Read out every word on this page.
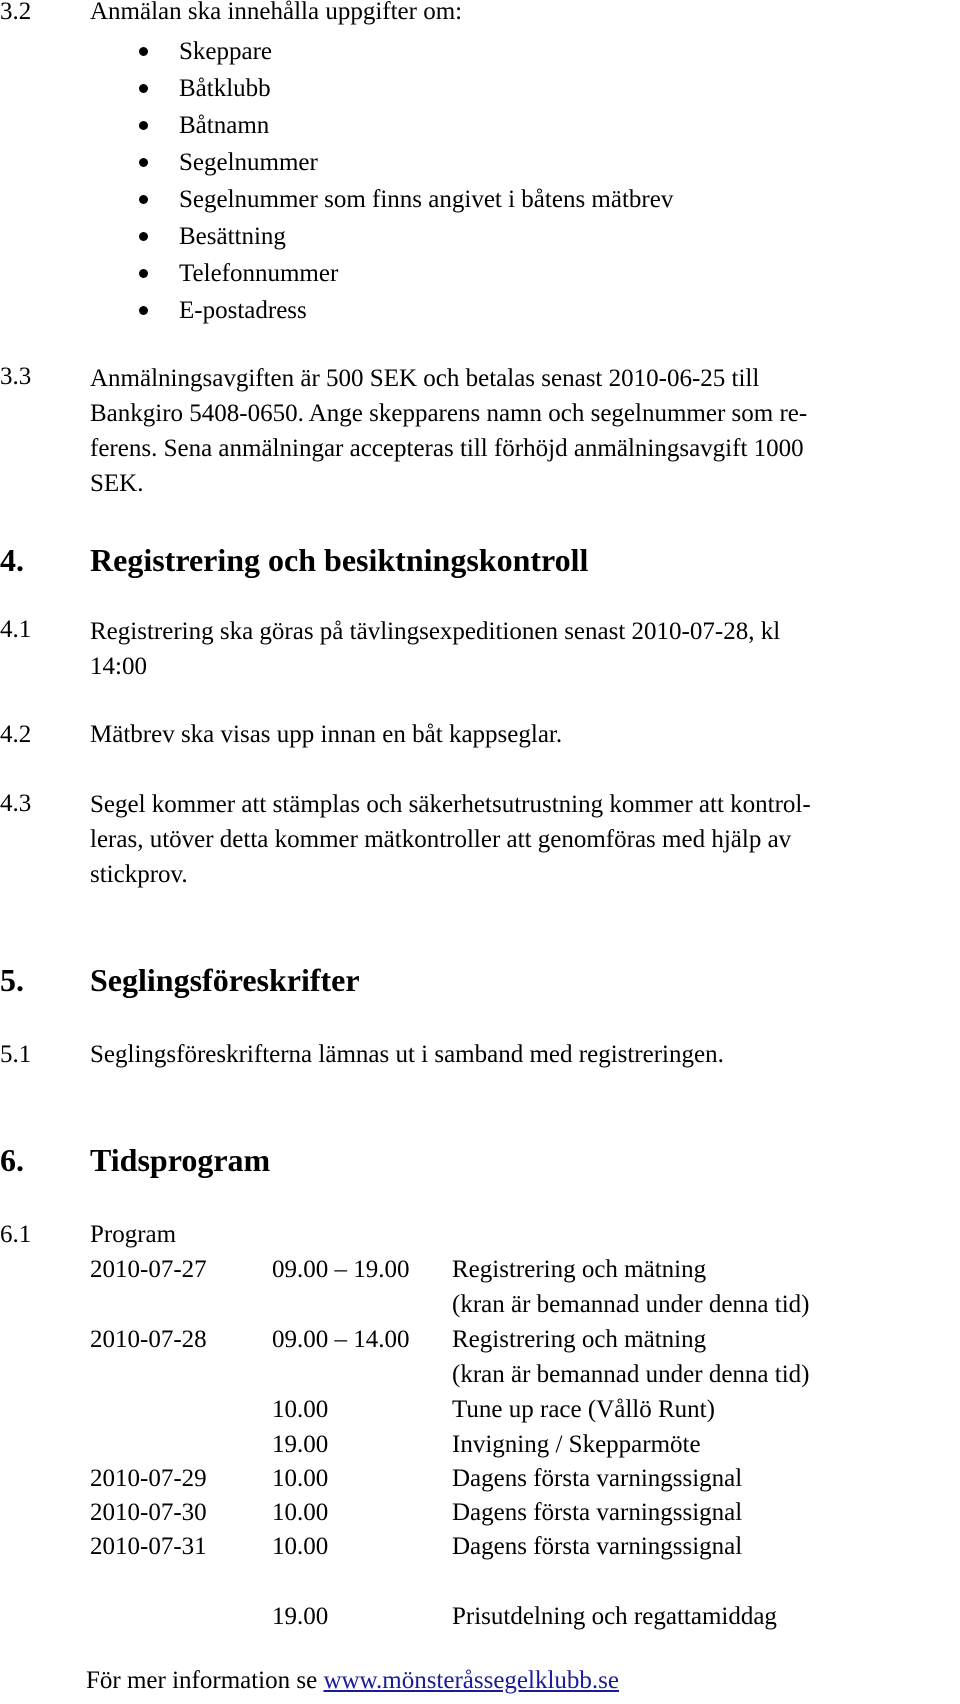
3.2 Anmälan ska innehålla uppgifter om:
Skeppare
Båtklubb
Båtnamn
Segelnummer
Segelnummer som finns angivet i båtens mätbrev
Besättning
Telefonnummer
E-postadress
3.3 Anmälningsavgiften är 500 SEK och betalas senast 2010-06-25 till
Bankgiro 5408-0650. Ange skepparens namn och segelnummer som re-
ferens. Sena anmälningar accepteras till förhöjd anmälningsavgift 1000
SEK.
4. Registrering och besiktningskontroll
4.1 Registrering ska göras på tävlingsexpeditionen senast 2010-07-28, kl
14:00
4.2 Mätbrev ska visas upp innan en båt kappseglar.
4.3 Segel kommer att stämplas och säkerhetsutrustning kommer att kontrol-
leras, utöver detta kommer mätkontroller att genomföras med hjälp av
stickprov.
5. Seglingsföreskrifter
5.1 Seglingsföreskrifterna lämnas ut i samband med registreringen.
6. Tidsprogram
6.1 Program
2010-07-27	09.00 – 19.00 Registrering och mätning
(kran är bemannad under denna tid)
2010-07-28	09.00 – 14.00 Registrering och mätning
(kran är bemannad under denna tid)
10.00	Tune up race (Vållö Runt)
19.00	Invigning / Skepparmöte
2010-07-29	10.00	Dagens första varningssignal
2010-07-30	10.00	Dagens första varningssignal
2010-07-31	10.00	Dagens första varningssignal
19.00	Prisutdelning och regattamiddag
För mer information se www.mönsteråssegelklubb.se
